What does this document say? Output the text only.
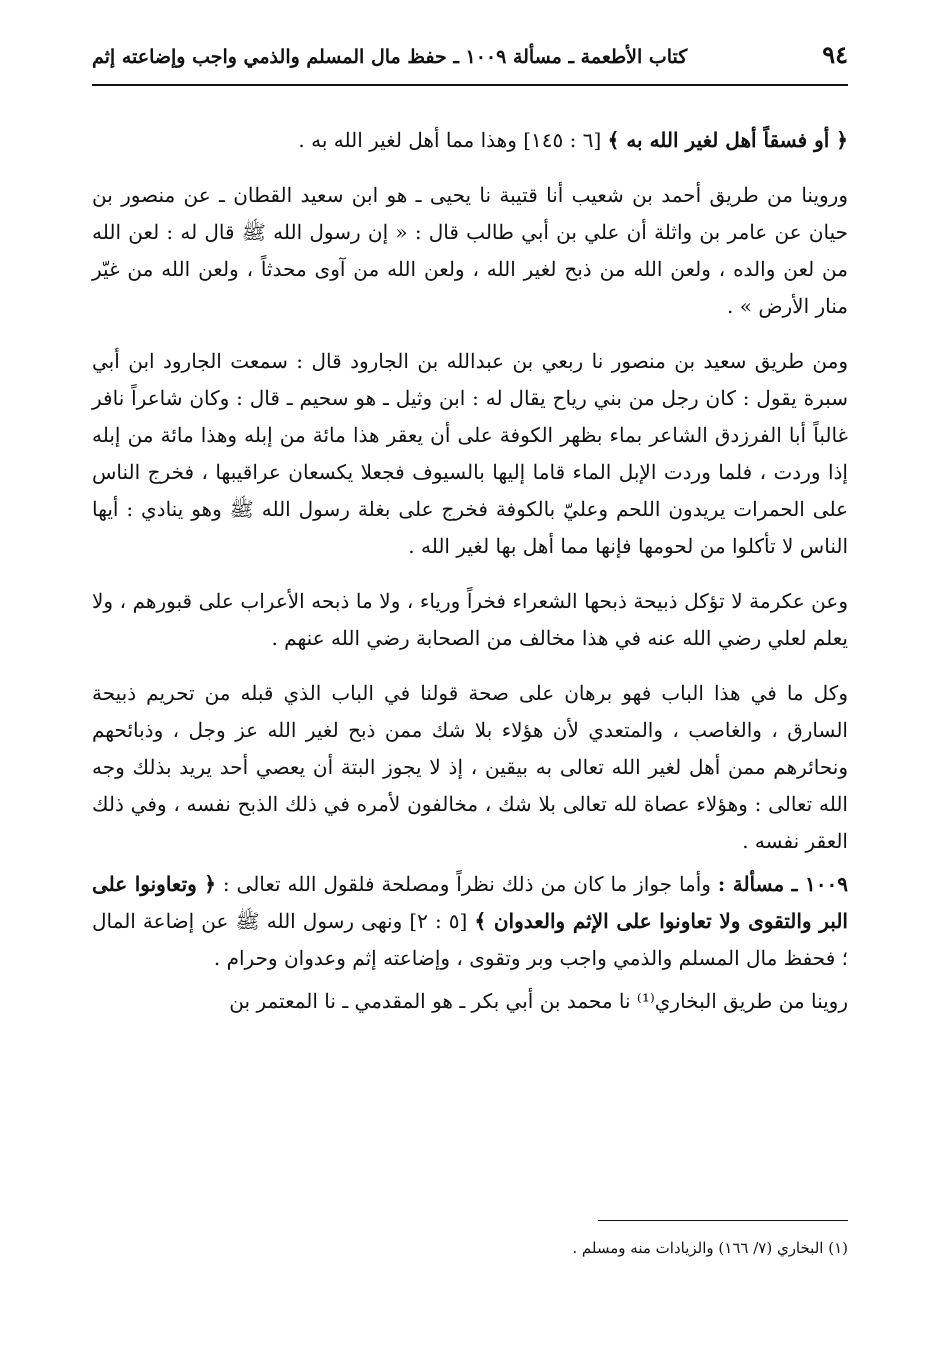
٩٤
كتاب الأطعمة ـ مسألة ١٠٠٩ ـ حفظ مال المسلم والذمي واجب وإضاعته إثم

﴿ أو فسقاً أهل لغير الله به ﴾ [٦ : ١٤٥] وهذا مما أهل لغير الله به .

وروينا من طريق أحمد بن شعيب أنا قتيبة نا يحيى ـ هو ابن سعيد القطان ـ عن منصور بن حيان عن عامر بن واثلة أن علي بن أبي طالب قال : « إن رسول الله ﷺ قال له : لعن الله من لعن والده ، ولعن الله من ذبح لغير الله ، ولعن الله من آوى محدثاً ، ولعن الله من غيّر منار الأرض » .

ومن طريق سعيد بن منصور نا ربعي بن عبدالله بن الجارود قال : سمعت الجارود ابن أبي سبرة يقول : كان رجل من بني رياح يقال له : ابن وثيل ـ هو سحيم ـ قال : وكان شاعراً نافر غالباً أبا الفرزدق الشاعر بماء بظهر الكوفة على أن يعقر هذا مائة من إبله وهذا مائة من إبله إذا وردت ، فلما وردت الإبل الماء قاما إليها بالسيوف فجعلا يكسعان عراقيبها ، فخرج الناس على الحمرات يريدون اللحم وعليّ بالكوفة فخرج على بغلة رسول الله ﷺ وهو ينادي : أيها الناس لا تأكلوا من لحومها فإنها مما أهل بها لغير الله .

وعن عكرمة لا تؤكل ذبيحة ذبحها الشعراء فخراً ورياء ، ولا ما ذبحه الأعراب على قبورهم ، ولا يعلم لعلي رضي الله عنه في هذا مخالف من الصحابة رضي الله عنهم .

وكل ما في هذا الباب فهو برهان على صحة قولنا في الباب الذي قبله من تحريم ذبيحة السارق ، والغاصب ، والمتعدي لأن هؤلاء بلا شك ممن ذبح لغير الله عز وجل ، وذبائحهم ونحائرهم ممن أهل لغير الله تعالى به بيقين ، إذ لا يجوز البتة أن يعصي أحد يريد بذلك وجه الله تعالى : وهؤلاء عصاة لله تعالى بلا شك ، مخالفون لأمره في ذلك الذبح نفسه ، وفي ذلك العقر نفسه .

١٠٠٩ ـ مسألة : وأما جواز ما كان من ذلك نظراً ومصلحة فلقول الله تعالى : ﴿ وتعاونوا على البر والتقوى ولا تعاونوا على الإثم والعدوان ﴾ [٥ : ٢] ونهى رسول الله ﷺ عن إضاعة المال ؛ فحفظ مال المسلم والذمي واجب وبر وتقوى ، وإضاعته إثم وعدوان وحرام .

روينا من طريق البخاري⁽¹⁾ نا محمد بن أبي بكر ـ هو المقدمي ـ نا المعتمر بن

(١) البخاري (٧/ ١٦٦) والزيادات منه ومسلم .
